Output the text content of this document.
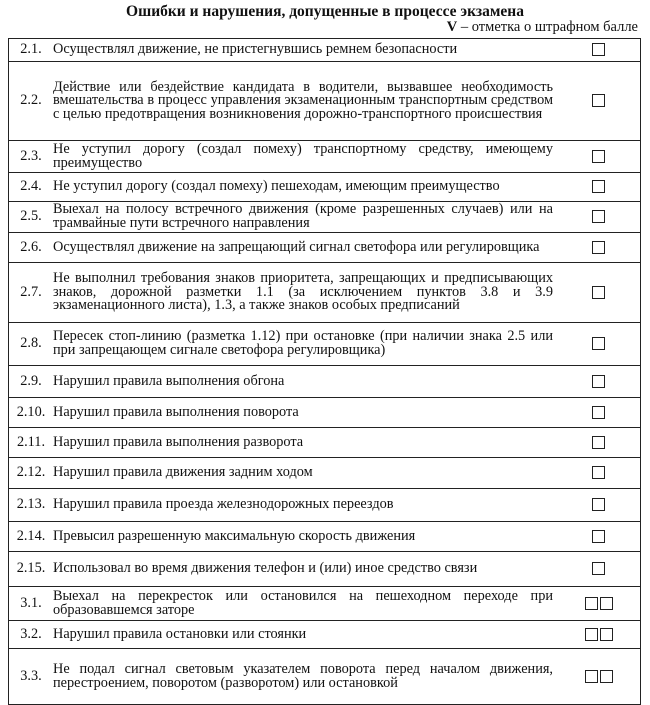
Ошибки и нарушения, допущенные в процессе экзамена
V – отметка о штрафном балле
2.1.	Осуществлял движение, не пристегнувшись ремнем безопасности	
2.2.	Действие или бездействие кандидата в водители, вызвавшее необходимость вмешательства в процесс управления экзаменационным транспортным средством с целью предотвращения возникновения дорожно-транспортного происшествия	
2.3.	Не уступил дорогу (создал помеху) транспортному средству, имеющему преимущество	
2.4.	Не уступил дорогу (создал помеху) пешеходам, имеющим преимущество	
2.5.	Выехал на полосу встречного движения (кроме разрешенных случаев) или на трамвайные пути встречного направления	
2.6.	Осуществлял движение на запрещающий сигнал светофора или регулировщика	
2.7.	Не выполнил требования знаков приоритета, запрещающих и предписывающих знаков, дорожной разметки 1.1 (за исключением пунктов 3.8 и 3.9 экзаменационного листа), 1.3, а также знаков особых предписаний	
2.8.	Пересек стоп-линию (разметка 1.12) при остановке (при наличии знака 2.5 или при запрещающем сигнале светофора регулировщика)	
2.9.	Нарушил правила выполнения обгона	
2.10.	Нарушил правила выполнения поворота	
2.11.	Нарушил правила выполнения разворота	
2.12.	Нарушил правила движения задним ходом	
2.13.	Нарушил правила проезда железнодорожных переездов	
2.14.	Превысил разрешенную максимальную скорость движения	
2.15.	Использовал во время движения телефон и (или) иное средство связи	
3.1.	Выехал на перекресток или остановился на пешеходном переходе при образовавшемся заторе	
3.2.	Нарушил правила остановки или стоянки	
3.3.	Не подал сигнал световым указателем поворота перед началом движения, перестроением, поворотом (разворотом) или остановкой	
